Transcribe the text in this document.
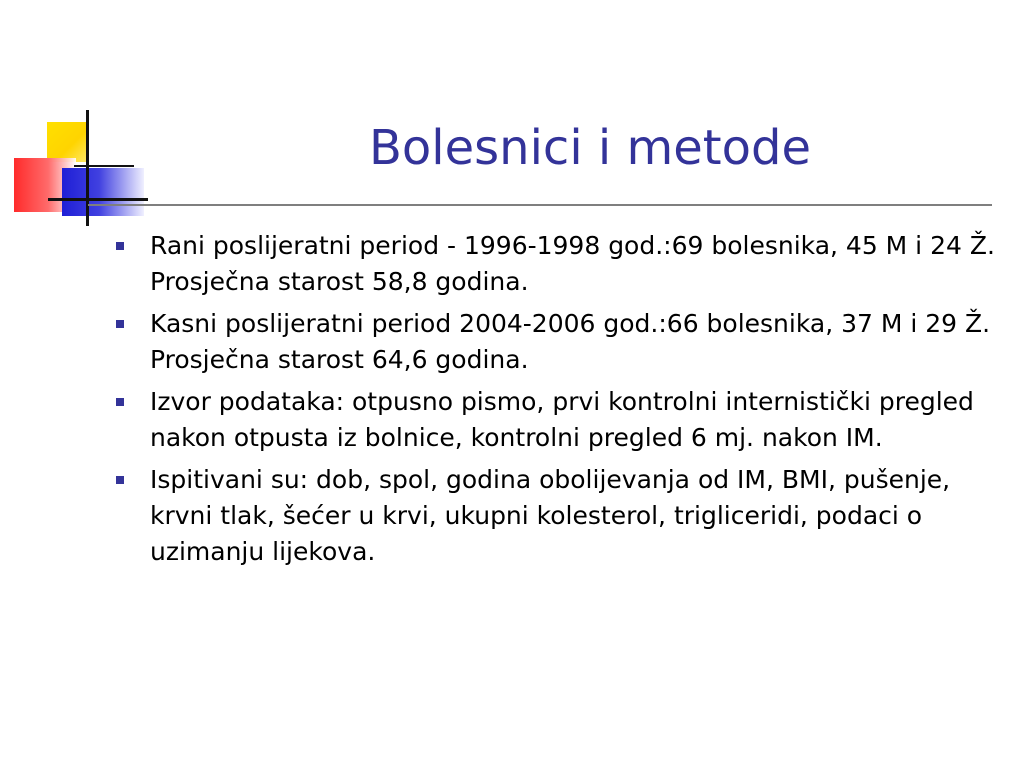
Bolesnici i metode
Rani poslijeratni period - 1996-1998 god.:69 bolesnika, 45 M i 24 Ž. Prosječna starost 58,8 godina.
Kasni poslijeratni period 2004-2006 god.:66 bolesnika, 37 M i 29 Ž. Prosječna starost 64,6 godina.
Izvor podataka: otpusno pismo, prvi kontrolni internistički pregled nakon otpusta iz bolnice, kontrolni pregled 6 mj. nakon IM.
Ispitivani su: dob, spol, godina obolijevanja od IM, BMI, pušenje, krvni tlak, šećer u krvi, ukupni kolesterol, trigliceridi, podaci o uzimanju lijekova.
